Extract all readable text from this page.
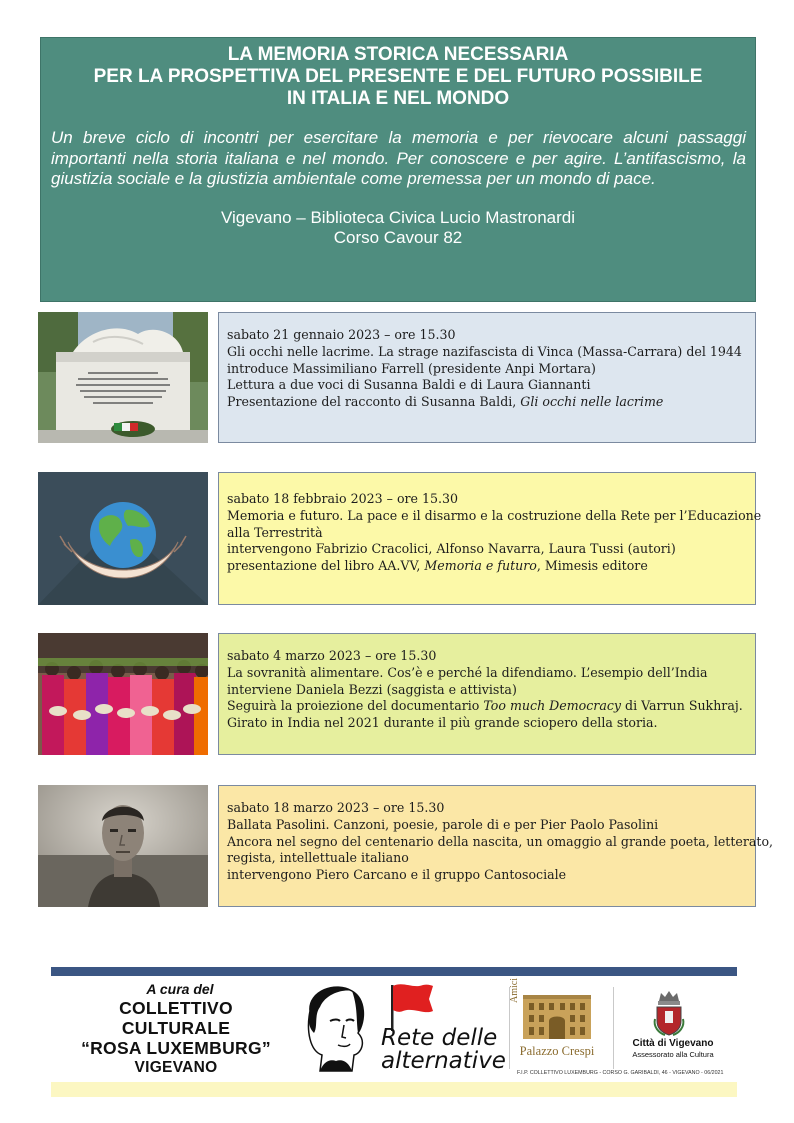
LA MEMORIA STORICA NECESSARIA
PER LA PROSPETTIVA DEL PRESENTE E DEL FUTURO POSSIBILE
IN ITALIA E NEL MONDO
Un breve ciclo di incontri per esercitare la memoria e per rievocare alcuni passaggi importanti nella storia italiana e nel mondo. Per conoscere e per agire. L’antifascismo, la giustizia sociale e la giustizia ambientale come premessa per un mondo di pace.
Vigevano – Biblioteca Civica Lucio Mastronardi
Corso Cavour 82
sabato 21 gennaio 2023 – ore 15.30
Gli occhi nelle lacrime. La strage nazifascista di Vinca (Massa-Carrara) del 1944
introduce Massimiliano Farrell (presidente Anpi Mortara)
Lettura a due voci di Susanna Baldi e di Laura Giannanti
Presentazione del racconto di Susanna Baldi, Gli occhi nelle lacrime
sabato 18 febbraio 2023 – ore 15.30
Memoria e futuro. La pace e il disarmo e la costruzione della Rete per l’Educazione
alla Terrestrità
intervengono Fabrizio Cracolici, Alfonso Navarra, Laura Tussi (autori)
presentazione del libro AA.VV, Memoria e futuro, Mimesis editore
sabato 4 marzo 2023 – ore 15.30
La sovranità alimentare. Cos’è e perché la difendiamo. L’esempio dell’India
interviene Daniela Bezzi (saggista e attivista)
Seguirà la proiezione del documentario Too much Democracy di Varrun Sukhraj.
Girato in India nel 2021 durante il più grande sciopero della storia.
sabato 18 marzo 2023 – ore 15.30
Ballata Pasolini. Canzoni, poesie, parole di e per Pier Paolo Pasolini
Ancora nel segno del centenario della nascita, un omaggio al grande poeta, letterato,
regista, intellettuale italiano
intervengono Piero Carcano e il gruppo Cantosociale
A cura del
COLLETTIVO
CULTURALE
“ROSA LUXEMBURG”
VIGEVANO
Rete delle
alternative
Amici
Palazzo Crespi
Città di Vigevano
Assessorato alla Cultura
F.I.P. COLLETTIVO LUXEMBURG - CORSO G. GARIBALDI, 46 - VIGEVANO - 06/2021
